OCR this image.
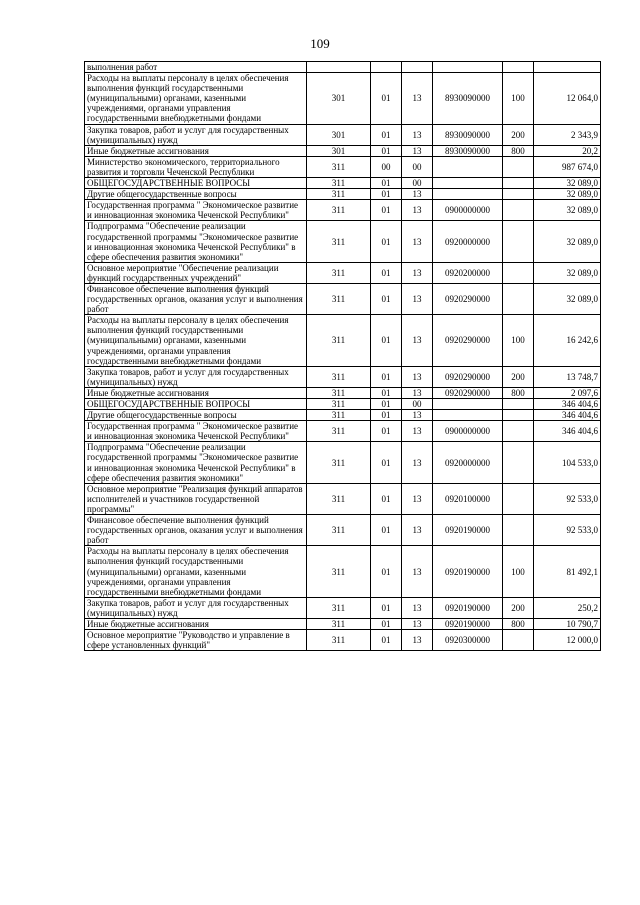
109
выполнения работ						
Расходы на выплаты персоналу в целях обеспечения выполнения функций государственными (муниципальными) органами, казенными учреждениями, органами управления государственными внебюджетными фондами	301	01	13	8930090000	100	12 064,0
Закупка товаров, работ и услуг для государственных (муниципальных) нужд	301	01	13	8930090000	200	2 343,9
Иные бюджетные ассигнования	301	01	13	8930090000	800	20,2
Министерство экономического, территориального развития и торговли Чеченской Республики	311	00	00			987 674,0
ОБЩЕГОСУДАРСТВЕННЫЕ ВОПРОСЫ	311	01	00			32 089,0
Другие общегосударственные вопросы	311	01	13			32 089,0
Государственная программа " Экономическое развитие и инновационная экономика Чеченской Республики"	311	01	13	0900000000		32 089,0
Подпрограмма "Обеспечение реализации государственной программы "Экономическое развитие и инновационная экономика Чеченской Республики" в сфере обеспечения развития экономики"	311	01	13	0920000000		32 089,0
Основное мероприятие "Обеспечение реализации функций государственных учреждений"	311	01	13	0920200000		32 089,0
Финансовое обеспечение выполнения функций государственных органов, оказания услуг и выполнения работ	311	01	13	0920290000		32 089,0
Расходы на выплаты персоналу в целях обеспечения выполнения функций государственными (муниципальными) органами, казенными учреждениями, органами управления государственными внебюджетными фондами	311	01	13	0920290000	100	16 242,6
Закупка товаров, работ и услуг для государственных (муниципальных) нужд	311	01	13	0920290000	200	13 748,7
Иные бюджетные ассигнования	311	01	13	0920290000	800	2 097,6
ОБЩЕГОСУДАРСТВЕННЫЕ ВОПРОСЫ	311	01	00			346 404,6
Другие общегосударственные вопросы	311	01	13			346 404,6
Государственная программа " Экономическое развитие и инновационная экономика Чеченской Республики"	311	01	13	0900000000		346 404,6
Подпрограмма "Обеспечение реализации государственной программы "Экономическое развитие и инновационная экономика Чеченской Республики" в сфере обеспечения развития экономики"	311	01	13	0920000000		104 533,0
Основное мероприятие "Реализация функций аппаратов исполнителей и участников государственной программы"	311	01	13	0920100000		92 533,0
Финансовое обеспечение выполнения функций государственных органов, оказания услуг и выполнения работ	311	01	13	0920190000		92 533,0
Расходы на выплаты персоналу в целях обеспечения выполнения функций государственными (муниципальными) органами, казенными учреждениями, органами управления государственными внебюджетными фондами	311	01	13	0920190000	100	81 492,1
Закупка товаров, работ и услуг для государственных (муниципальных) нужд	311	01	13	0920190000	200	250,2
Иные бюджетные ассигнования	311	01	13	0920190000	800	10 790,7
Основное мероприятие "Руководство и управление в сфере установленных функций"	311	01	13	0920300000		12 000,0
